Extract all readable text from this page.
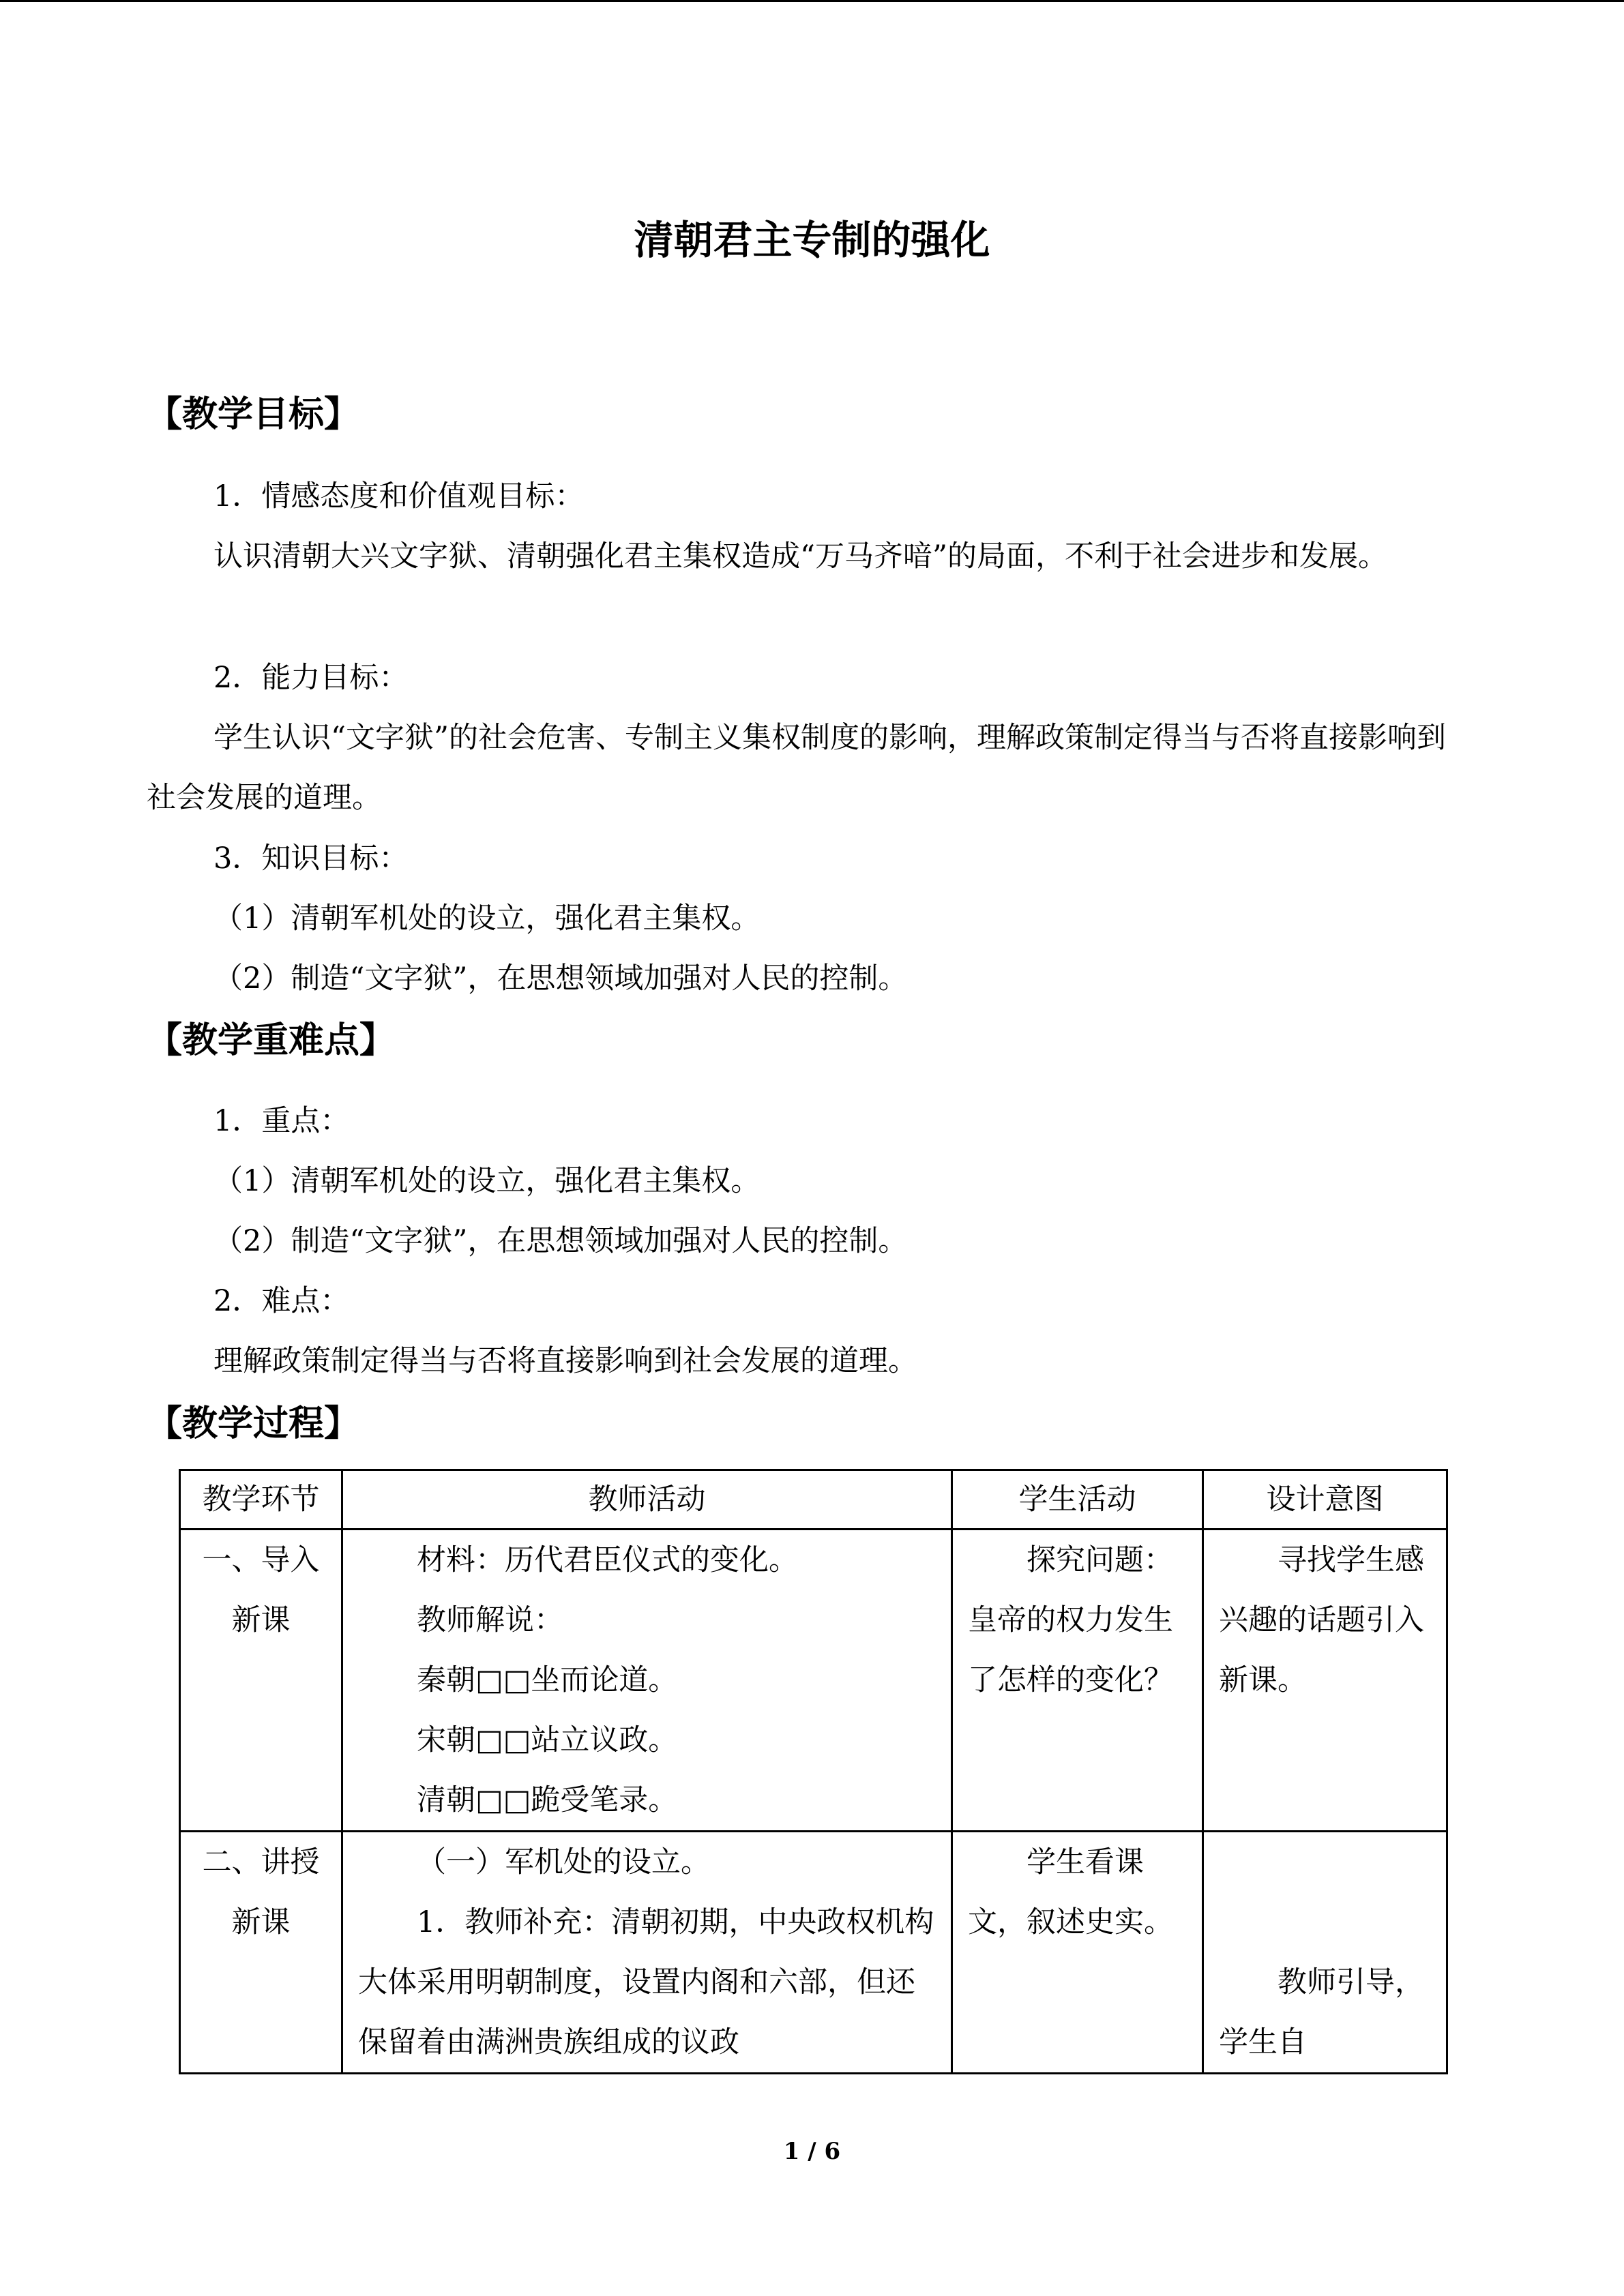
清朝君主专制的强化
【教学目标】
1．情感态度和价值观目标：
认识清朝大兴文字狱、清朝强化君主集权造成“万马齐喑”的局面，不利于社会进步和发展。
2．能力目标：
学生认识“文字狱”的社会危害、专制主义集权制度的影响，理解政策制定得当与否将直接影响到社会发展的道理。
3．知识目标：
（1）清朝军机处的设立，强化君主集权。
（2）制造“文字狱”，在思想领域加强对人民的控制。
【教学重难点】
1．重点：
（1）清朝军机处的设立，强化君主集权。
（2）制造“文字狱”，在思想领域加强对人民的控制。
2．难点：
理解政策制定得当与否将直接影响到社会发展的道理。
【教学过程】
教学环节	教师活动	学生活动	设计意图
一、导入新课	材料：历代君臣仪式的变化。
教师解说：
秦朝□□坐而论道。
宋朝□□站立议政。
清朝□□跪受笔录。	探究问题：皇帝的权力发生了怎样的变化？	寻找学生感兴趣的话题引入新课。
二、讲授新课	（一）军机处的设立。
1．教师补充：清朝初期，中央政权机构大体采用明朝制度，设置内阁和六部，但还保留着由满洲贵族组成的议政	学生看课文，叙述史实。	教师引导，学生自
1 / 6
